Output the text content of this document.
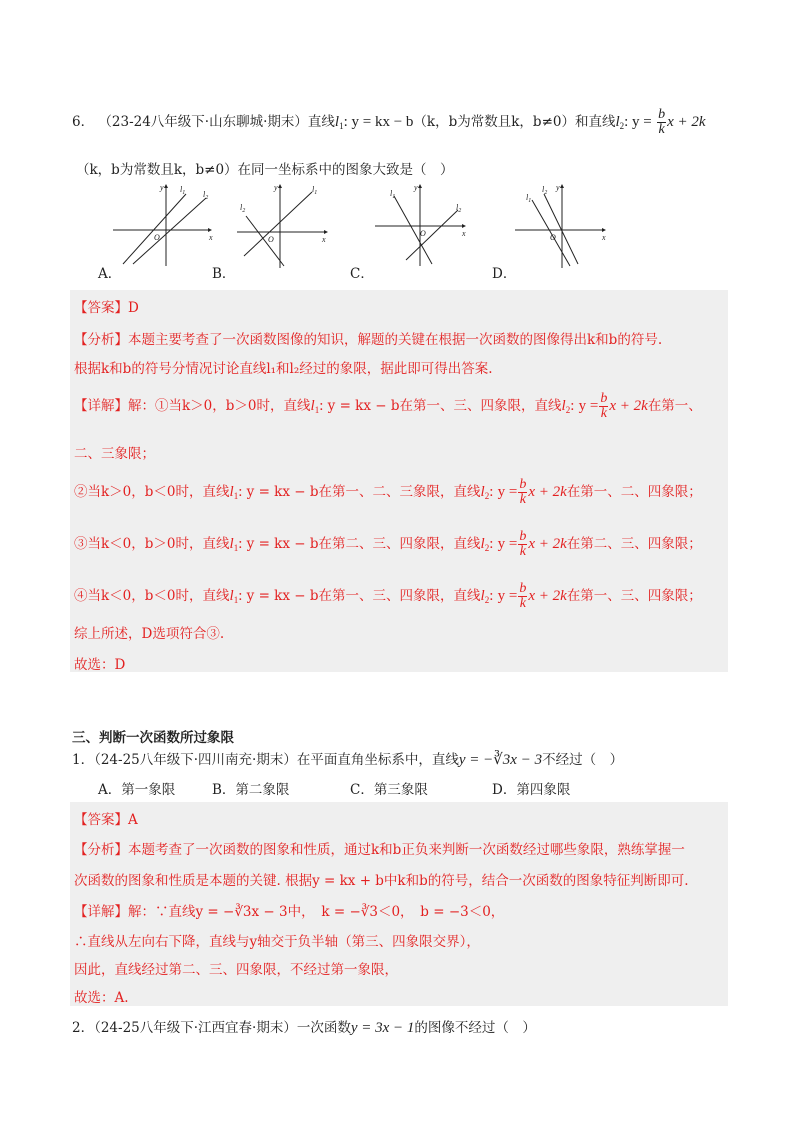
6． （23-24八年级下·山东聊城·期末）直线$l_1$: y = kx − b（k，b为常数且k，b≠0）和直线$l_2$: $y = \frac{b}{k}$ x + 2k
（k，b为常数且k，b≠0）在同一坐标系中的图象大致是（　）
y
x
O
$l_1$ $l_2$
y
x
O
$l_1$
$l_2$
y
x
O
$l_1$
$l_2$
y
x
O
$l_1$
$l_2$
A．	B．	C．	D．
【答案】D
【分析】本题主要考查了一次函数图像的知识，解题的关键在根据一次函数的图像得出k和b的符号.
根据k和b的符号分情况讨论直线l₁和l₂经过的象限，据此即可得出答案.
【详解】解：①当k＞0，b＞0时，直线$l_1$: y = kx − b在第一、三、四象限，直线$l_2$: $y = \frac{b}{k}$ x + 2k在第一、
二、三象限；
②当k＞0，b＜0时，直线$l_1$: y = kx − b在第一、二、三象限，直线$l_2$: $y = \frac{b}{k}$ x + 2k在第一、二、四象限；
③当k＜0，b＞0时，直线$l_1$: y = kx − b在第二、三、四象限，直线$l_2$: $y = \frac{b}{k}$ x + 2k在第二、三、四象限；
④当k＜0，b＜0时，直线$l_1$: y = kx − b在第一、三、四象限，直线$l_2$: $y = \frac{b}{k}$ x + 2k在第一、三、四象限；
综上所述，D选项符合③.
故选：D
三、判断一次函数所过象限
1．（24-25八年级下·四川南充·期末）在平面直角坐标系中，直线y = −∛3x − 3不经过（　）
A．第一象限	B．第二象限	C．第三象限	D．第四象限
【答案】A
【分析】本题考查了一次函数的图象和性质，通过k和b正负来判断一次函数经过哪些象限，熟练掌握一
次函数的图象和性质是本题的关键. 根据y = kx + b中k和b的符号，结合一次函数的图象特征判断即可.
【详解】解：∵直线y = −∛3x − 3中，　k = −∛3＜0，　b = −3＜0，
∴直线从左向右下降，直线与y轴交于负半轴（第三、四象限交界），
因此，直线经过第二、三、四象限，不经过第一象限，
故选：A.
2．（24-25八年级下·江西宜春·期末）一次函数y = 3x − 1的图像不经过（　）
